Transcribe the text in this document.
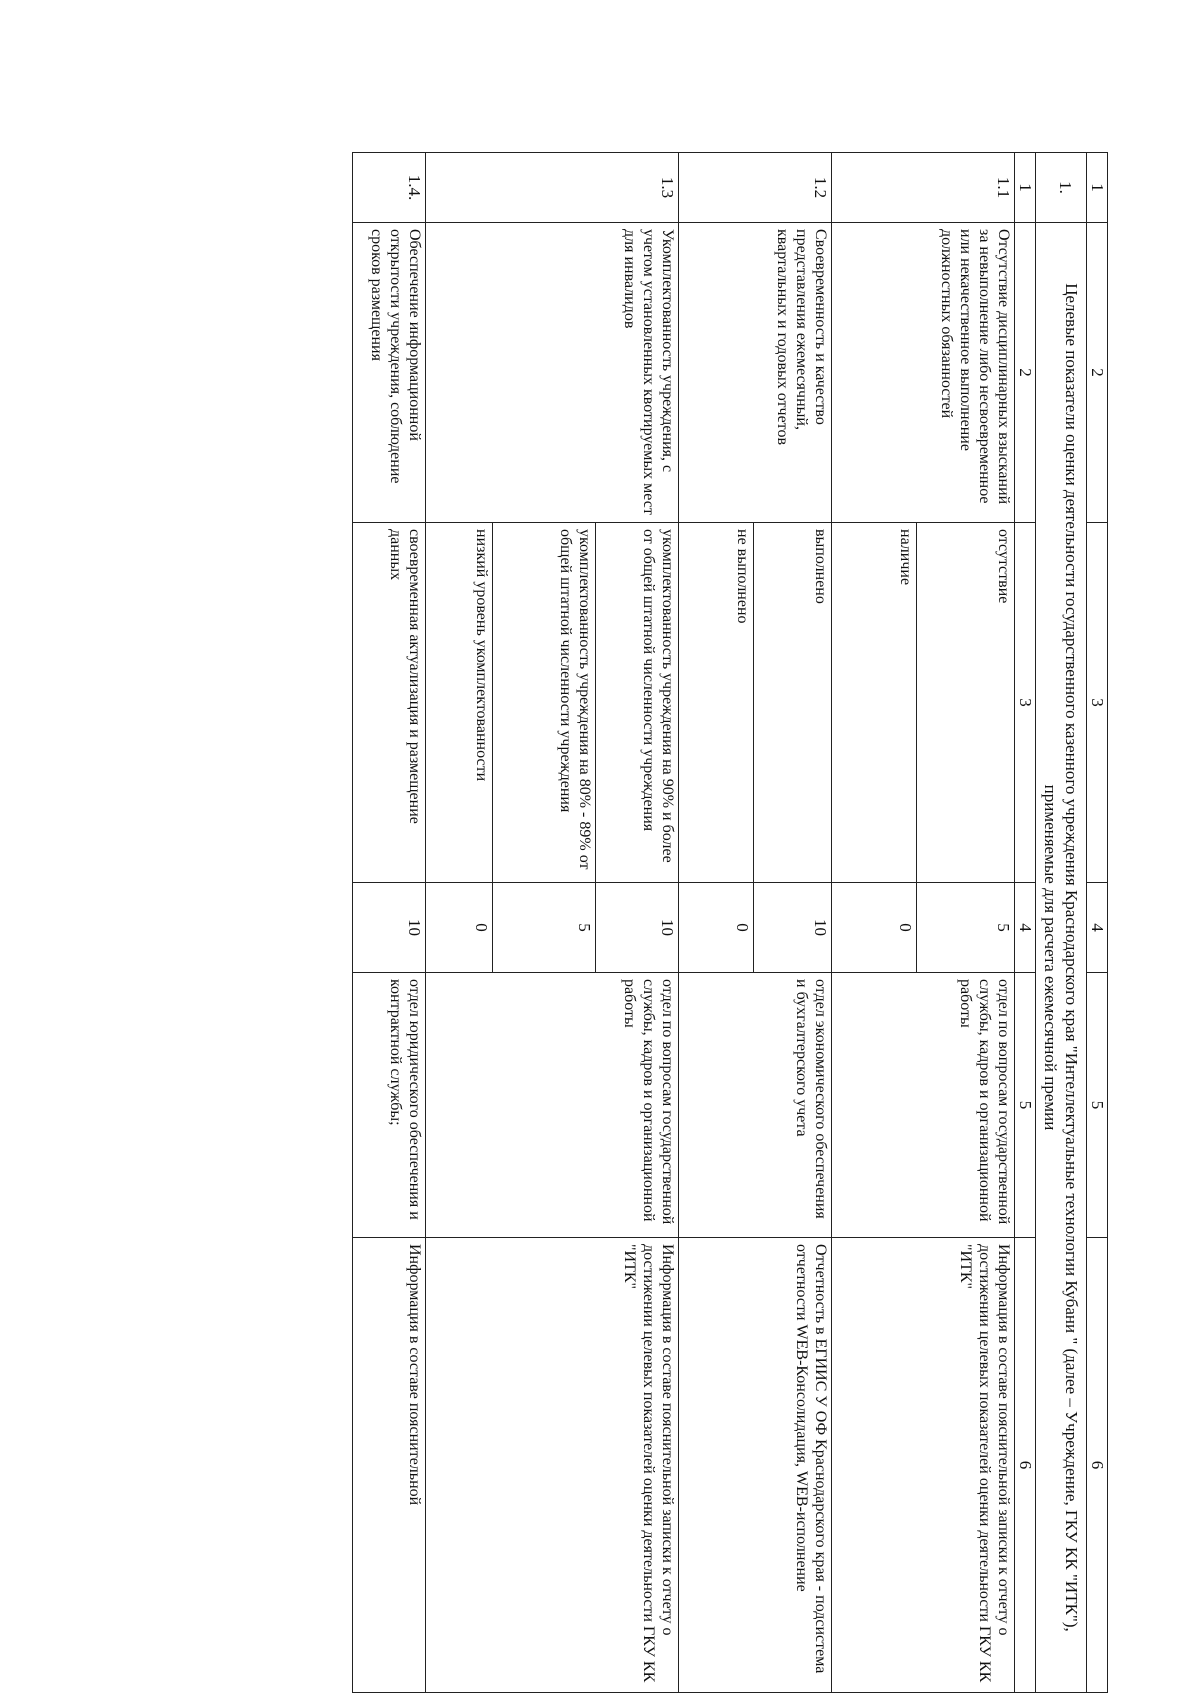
1	2	3	4	5	6
1.	Целевые показатели оценки деятельности государственного казенного учреждения Краснодарского края "Интеллектуальные технологии Кубани " (далее – Учреждение, ГКУ КК "ИТК"), применяемые для расчета ежемесячной премии				
1	2	3	4	5	6
1.1	Отсутствие дисциплинарных взысканий за невыполнение либо несвоевременное или некачественное выполнение должностных обязанностей	отсутствие	5	отдел по вопросам государственной службы, кадров и организационной работы	Информация в составе пояснительной записки к отчету о достижении целевых показателей оценки деятельности ГКУ КК "ИТК"
		наличие	0		
1.2	Своевременность и качество представления ежемесячный, квартальных и годовых отчетов	выполнено	10	отдел экономического обеспечения и бухгалтерского учета	Отчетность в ЕГИИС У ОФ Краснодарского края - подсистема отчетности WEB-Консолидация, WEB-исполнение
		не выполнено	0		
1.3	Укомплектованность учреждения, с учетом установленных квотируемых мест для инвалидов	укомплектованность учреждения на 90% и более от общей штатной численности учреждения	10	отдел по вопросам государственной службы, кадров и организационной работы	Информация в составе пояснительной записки к отчету о достижении целевых показателей оценки деятельности ГКУ КК "ИТК"
		укомплектованность учреждения на 80% - 89% от общей штатной численности учреждения	5		
		низкий уровень укомплектованности	0		
1.4.	Обеспечение информационной открытости учреждения, соблюдение сроков размещения	своевременная актуализация и размещение данных	10	отдел юридического обеспечения и контрактной службы;	Информация в составе пояснительной
